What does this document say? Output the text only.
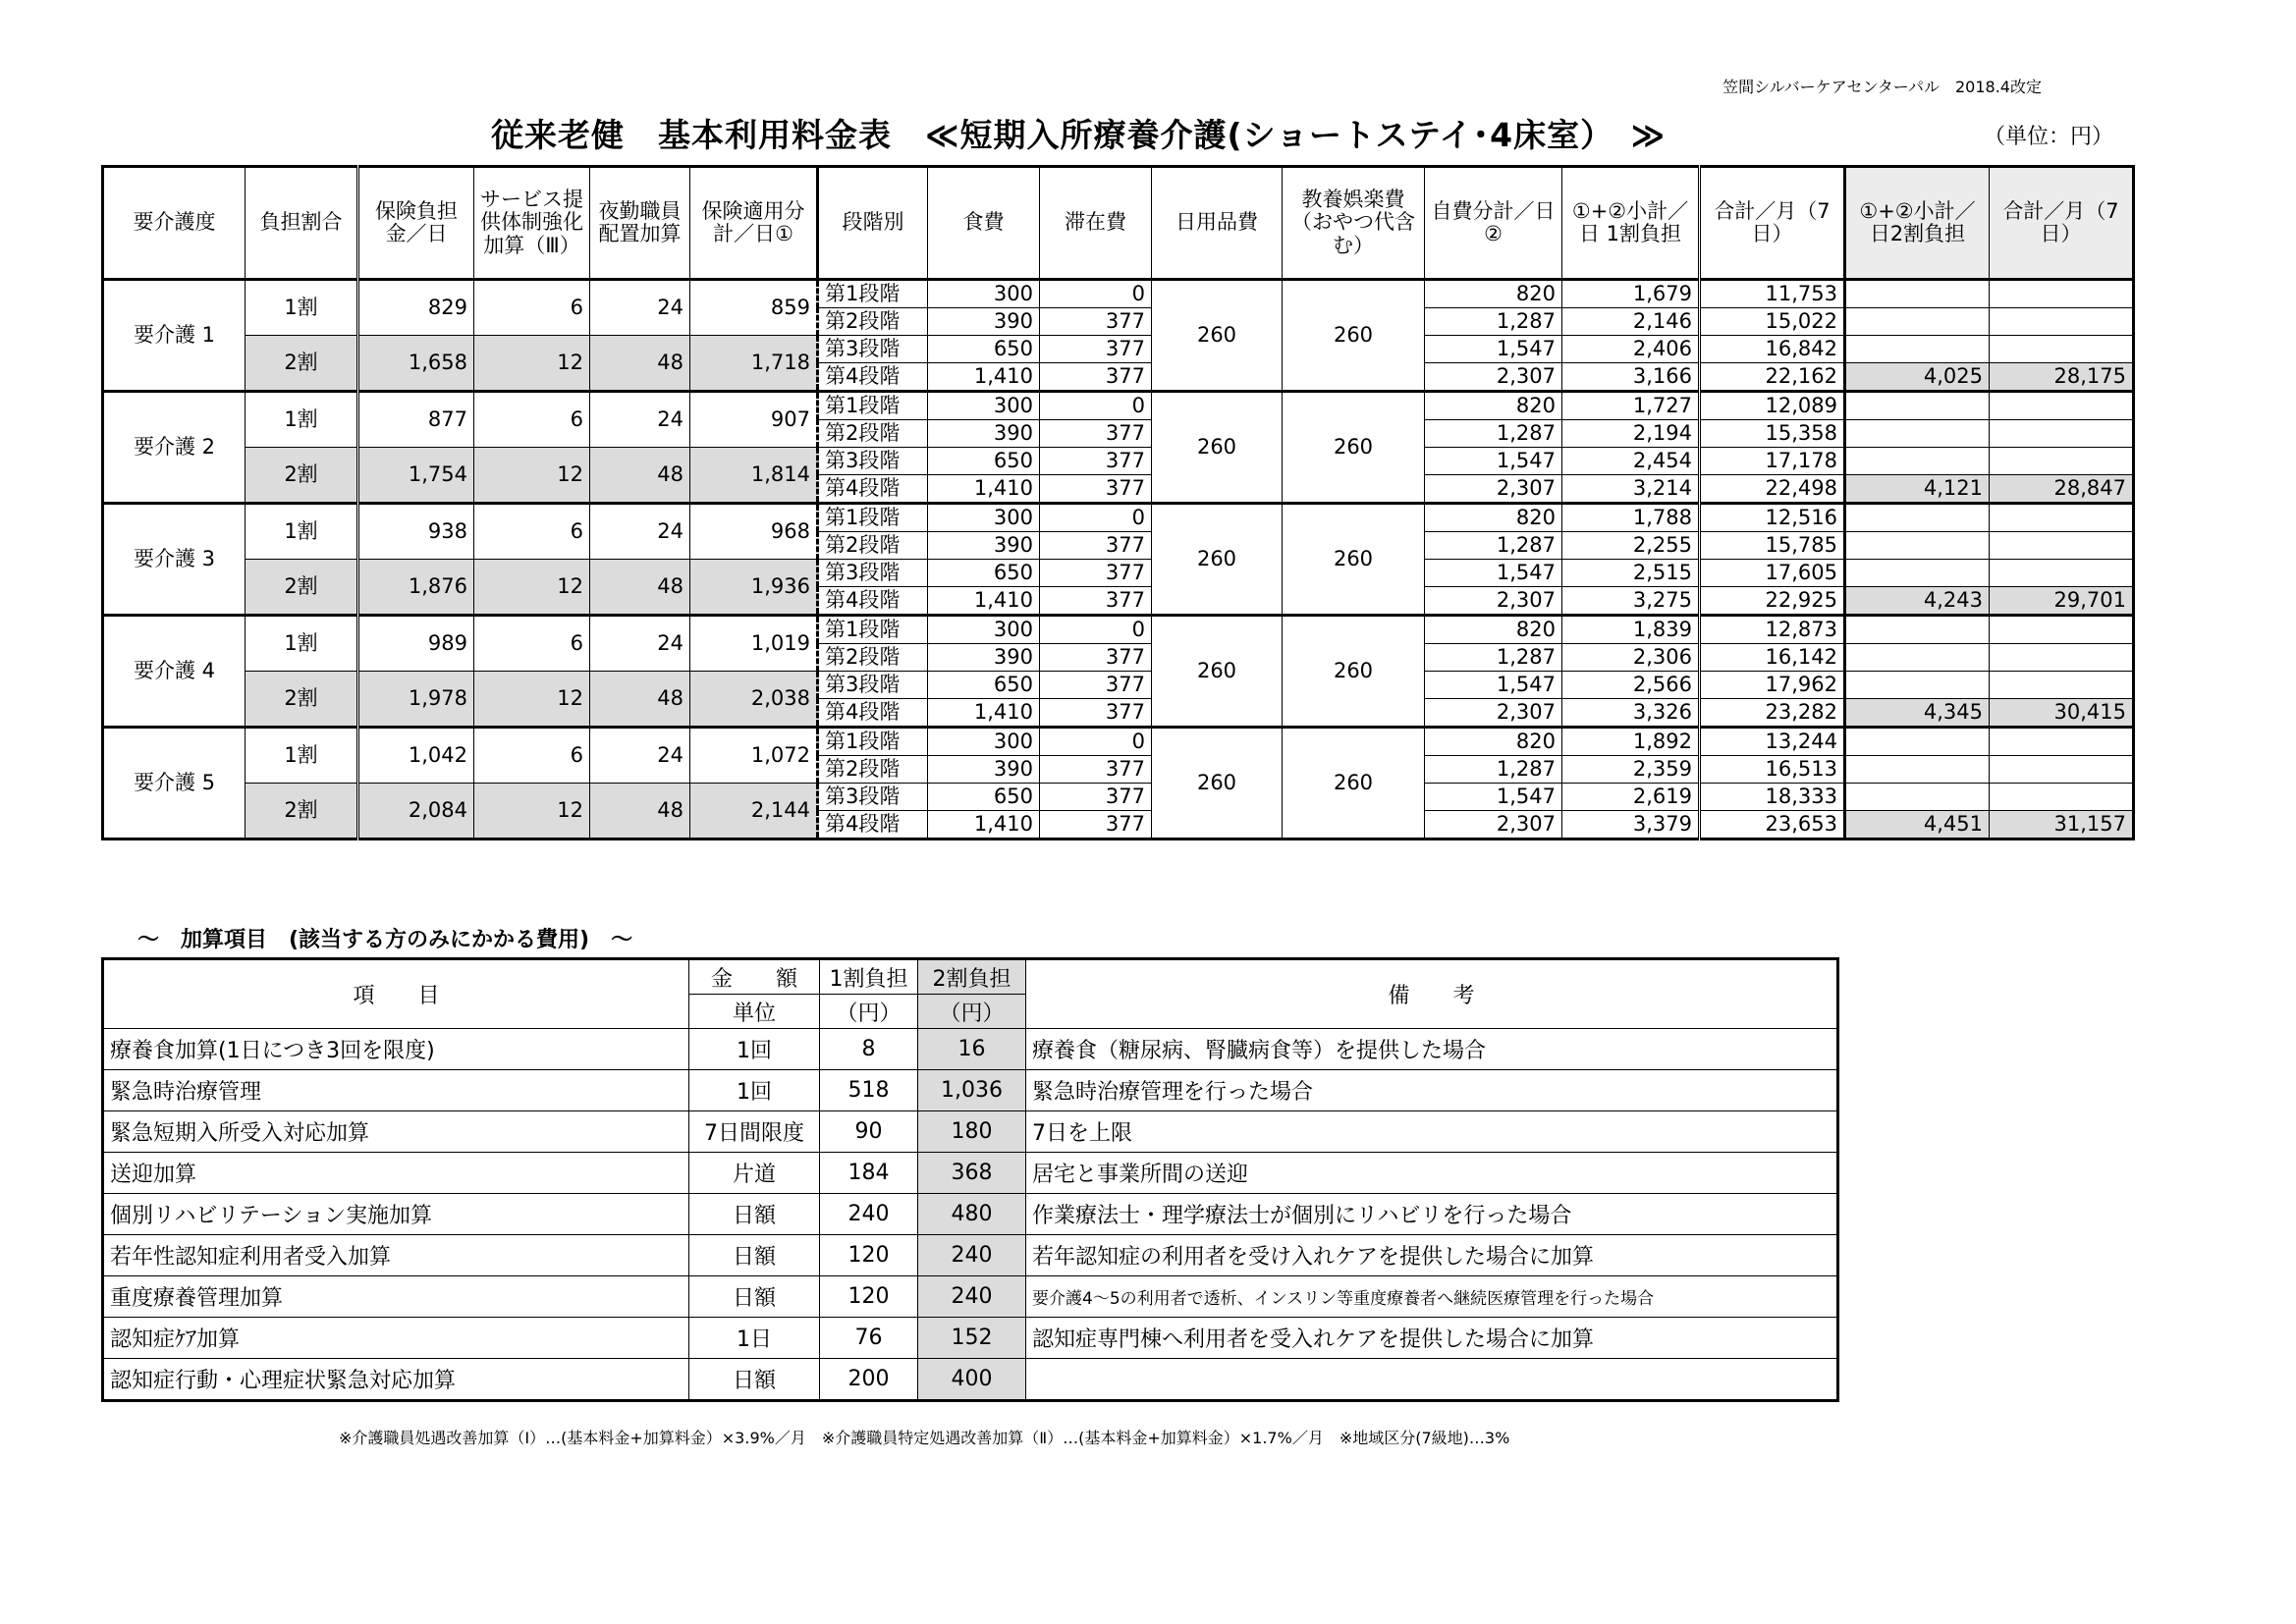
笠間シルバーケアセンターパル　2018.4改定
従来老健　基本利用料金表　≪短期入所療養介護(ショートステイ･4床室）　≫	（単位：円）
要介護度	負担割合	保険負担金／日	サービス提供体制強化加算（Ⅲ）	夜勤職員配置加算	保険適用分計／日①	段階別	食費	滞在費	日用品費	教養娯楽費（おやつ代含む）	自費分計／日 ②	①+②小計／日 1割負担	合計／月（7日）	①+②小計／日2割負担	合計／月（7日）
要介護 1	1割	829	6	24	859	第1段階	300	0	260	260	820	1,679	11,753		
						第2段階	390	377			1,287	2,146	15,022		
	2割	1,658	12	48	1,718	第3段階	650	377			1,547	2,406	16,842		
						第4段階	1,410	377			2,307	3,166	22,162	4,025	28,175
要介護 2	1割	877	6	24	907	第1段階	300	0	260	260	820	1,727	12,089		
						第2段階	390	377			1,287	2,194	15,358		
	2割	1,754	12	48	1,814	第3段階	650	377			1,547	2,454	17,178		
						第4段階	1,410	377			2,307	3,214	22,498	4,121	28,847
要介護 3	1割	938	6	24	968	第1段階	300	0	260	260	820	1,788	12,516		
						第2段階	390	377			1,287	2,255	15,785		
	2割	1,876	12	48	1,936	第3段階	650	377			1,547	2,515	17,605		
						第4段階	1,410	377			2,307	3,275	22,925	4,243	29,701
要介護 4	1割	989	6	24	1,019	第1段階	300	0	260	260	820	1,839	12,873		
						第2段階	390	377			1,287	2,306	16,142		
	2割	1,978	12	48	2,038	第3段階	650	377			1,547	2,566	17,962		
						第4段階	1,410	377			2,307	3,326	23,282	4,345	30,415
要介護 5	1割	1,042	6	24	1,072	第1段階	300	0	260	260	820	1,892	13,244		
						第2段階	390	377			1,287	2,359	16,513		
	2割	2,084	12	48	2,144	第3段階	650	377			1,547	2,619	18,333		
						第4段階	1,410	377			2,307	3,379	23,653	4,451	31,157
～　加算項目　(該当する方のみにかかる費用)　～
項　　目	金　　額	1割負担	2割負担	備　　考
	単位	（円）	（円）	
療養食加算(1日につき3回を限度)	1回	8	16	療養食（糖尿病、腎臓病食等）を提供した場合
緊急時治療管理	1回	518	1,036	緊急時治療管理を行った場合
緊急短期入所受入対応加算	7日間限度	90	180	7日を上限
送迎加算	片道	184	368	居宅と事業所間の送迎
個別リハビリテーション実施加算	日額	240	480	作業療法士・理学療法士が個別にリハビリを行った場合
若年性認知症利用者受入加算	日額	120	240	若年認知症の利用者を受け入れケアを提供した場合に加算
重度療養管理加算	日額	120	240	要介護4～5の利用者で透析、インスリン等重度療養者へ継続医療管理を行った場合
認知症ｹｱ加算	1日	76	152	認知症専門棟へ利用者を受入れケアを提供した場合に加算
認知症行動・心理症状緊急対応加算	日額	200	400	
※介護職員処遇改善加算（Ⅰ）…(基本料金+加算料金）×3.9%／月　※介護職員特定処遇改善加算（Ⅱ）…(基本料金+加算料金）×1.7%／月　※地域区分(7級地)…3%
